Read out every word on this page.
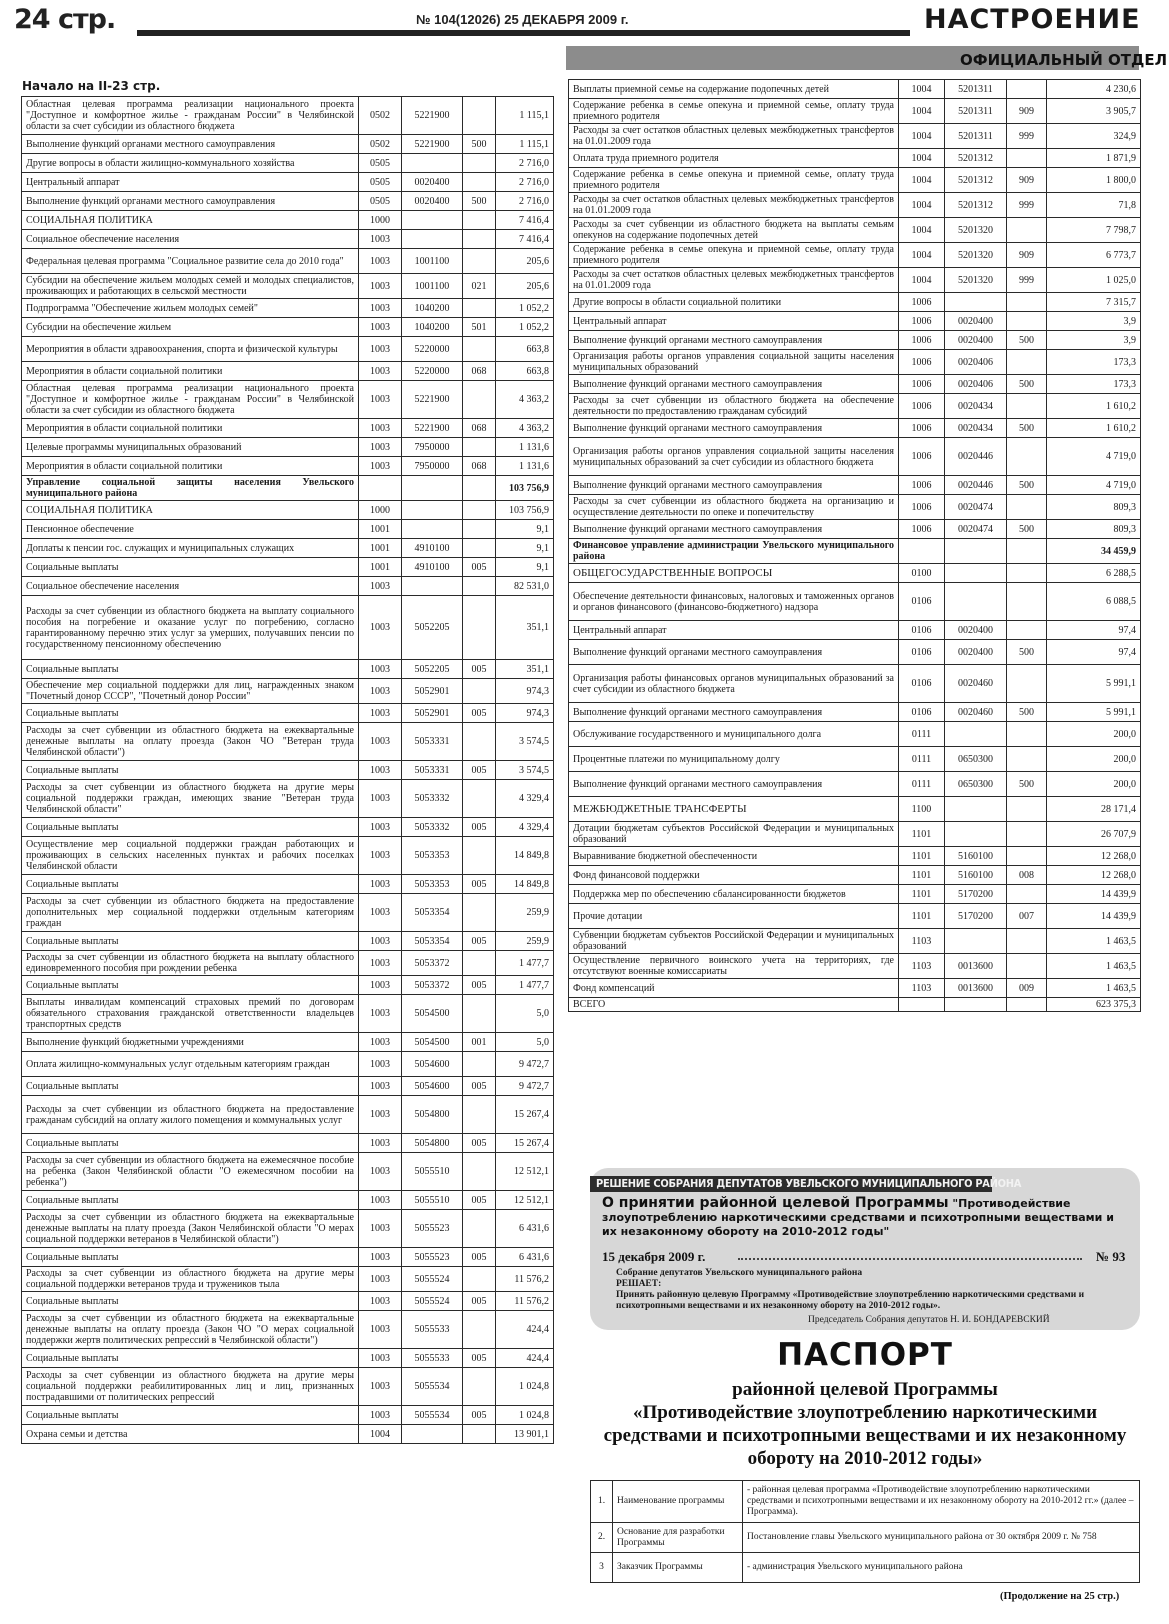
24 стр.	№ 104(12026) 25 ДЕКАБРЯ 2009 г.	НАСТРОЕНИЕ
ОФИЦИАЛЬНЫЙ ОТДЕЛ
Начало на II-23 стр.
Областная целевая программа реализации национального проекта "Доступное и комфортное жилье - гражданам России" в Челябинской области за счет субсидии из областного бюджета	0502	5221900		1 115,1
Выполнение функций органами местного самоуправления	0502	5221900	500	1 115,1
Другие вопросы в области жилищно-коммунального хозяйства	0505			2 716,0
Центральный аппарат	0505	0020400		2 716,0
Выполнение функций органами местного самоуправления	0505	0020400	500	2 716,0
СОЦИАЛЬНАЯ ПОЛИТИКА	1000			7 416,4
Социальное обеспечение населения	1003			7 416,4
Федеральная целевая программа "Социальное развитие села до 2010 года"	1003	1001100		205,6
Субсидии на обеспечение жильем молодых семей и молодых специалистов, проживающих и работающих в сельской местности	1003	1001100	021	205,6
Подпрограмма "Обеспечение жильем молодых семей"	1003	1040200		1 052,2
Субсидии на обеспечение жильем	1003	1040200	501	1 052,2
Мероприятия в области здравоохранения, спорта и физической культуры	1003	5220000		663,8
Мероприятия в области социальной политики	1003	5220000	068	663,8
Областная целевая программа реализации национального проекта "Доступное и комфортное жилье - гражданам России" в Челябинской области за счет субсидии из областного бюджета	1003	5221900		4 363,2
Мероприятия в области социальной политики	1003	5221900	068	4 363,2
Целевые программы муниципальных образований	1003	7950000		1 131,6
Мероприятия в области социальной политики	1003	7950000	068	1 131,6
Управление социальной защиты населения Увельского муниципального района				103 756,9
СОЦИАЛЬНАЯ ПОЛИТИКА	1000			103 756,9
Пенсионное обеспечение	1001			9,1
Доплаты к пенсии гос. служащих и муниципальных служащих	1001	4910100		9,1
Социальные выплаты	1001	4910100	005	9,1
Социальное обеспечение населения	1003			82 531,0
Расходы за счет субвенции из областного бюджета на выплату социального пособия на погребение и оказание услуг по погребению, согласно гарантированному перечню этих услуг за умерших, получавших пенсии по государственному пенсионному обеспечению	1003	5052205		351,1
Социальные выплаты	1003	5052205	005	351,1
Обеспечение мер социальной поддержки для лиц, награжденных знаком "Почетный донор СССР", "Почетный донор России"	1003	5052901		974,3
Социальные выплаты	1003	5052901	005	974,3
Расходы за счет субвенции из областного бюджета на ежеквартальные денежные выплаты на оплату проезда (Закон ЧО "Ветеран труда Челябинской области")	1003	5053331		3 574,5
Социальные выплаты	1003	5053331	005	3 574,5
Расходы за счет субвенции из областного бюджета на другие меры социальной поддержки граждан, имеющих звание "Ветеран труда Челябинской области"	1003	5053332		4 329,4
Социальные выплаты	1003	5053332	005	4 329,4
Осуществление мер социальной поддержки граждан работающих и проживающих в сельских населенных пунктах и рабочих поселках Челябинской области	1003	5053353		14 849,8
Социальные выплаты	1003	5053353	005	14 849,8
Расходы за счет субвенции из областного бюджета на предоставление дополнительных мер социальной поддержки отдельным категориям граждан	1003	5053354		259,9
Социальные выплаты	1003	5053354	005	259,9
Расходы за счет субвенции из областного бюджета на выплату областного единовременного пособия при рождении ребенка	1003	5053372		1 477,7
Социальные выплаты	1003	5053372	005	1 477,7
Выплаты инвалидам компенсаций страховых премий по договорам обязательного страхования гражданской ответственности владельцев транспортных средств	1003	5054500		5,0
Выполнение функций бюджетными учреждениями	1003	5054500	001	5,0
Оплата жилищно-коммунальных услуг отдельным категориям граждан	1003	5054600		9 472,7
Социальные выплаты	1003	5054600	005	9 472,7
Расходы за счет субвенции из областного бюджета на предоставление гражданам субсидий на оплату жилого помещения и коммунальных услуг	1003	5054800		15 267,4
Социальные выплаты	1003	5054800	005	15 267,4
Расходы за счет субвенции из областного бюджета на ежемесячное пособие на ребенка (Закон Челябинской области "О ежемесячном пособии на ребенка")	1003	5055510		12 512,1
Социальные выплаты	1003	5055510	005	12 512,1
Расходы за счет субвенции из областного бюджета на ежеквартальные денежные выплаты на плату проезда (Закон Челябинской области "О мерах социальной поддержки ветеранов в Челябинской области")	1003	5055523		6 431,6
Социальные выплаты	1003	5055523	005	6 431,6
Расходы за счет субвенции из областного бюджета на другие меры социальной поддержки ветеранов труда и тружеников тыла	1003	5055524		11 576,2
Социальные выплаты	1003	5055524	005	11 576,2
Расходы за счет субвенции из областного бюджета на ежеквартальные денежные выплаты на оплату проезда (Закон ЧО "О мерах социальной поддержки жертв политических репрессий в Челябинской области")	1003	5055533		424,4
Социальные выплаты	1003	5055533	005	424,4
Расходы за счет субвенции из областного бюджета на другие меры социальной поддержки реабилитированных лиц и лиц, признанных пострадавшими от политических репрессий	1003	5055534		1 024,8
Социальные выплаты	1003	5055534	005	1 024,8
Охрана семьи и детства	1004			13 901,1
Выплаты приемной семье на содержание подопечных детей	1004	5201311		4 230,6
Содержание ребенка в семье опекуна и приемной семье, оплату труда приемного родителя	1004	5201311	909	3 905,7
Расходы за счет остатков областных целевых межбюджетных трансфертов на 01.01.2009 года	1004	5201311	999	324,9
Оплата труда приемного родителя	1004	5201312		1 871,9
Содержание ребенка в семье опекуна и приемной семье, оплату труда приемного родителя	1004	5201312	909	1 800,0
Расходы за счет остатков областных целевых межбюджетных трансфертов на 01.01.2009 года	1004	5201312	999	71,8
Расходы за счет субвенции из областного бюджета на выплаты семьям опекунов на содержание подопечных детей	1004	5201320		7 798,7
Содержание ребенка в семье опекуна и приемной семье, оплату труда приемного родителя	1004	5201320	909	6 773,7
Расходы за счет остатков областных целевых межбюджетных трансфертов на 01.01.2009 года	1004	5201320	999	1 025,0
Другие вопросы в области социальной политики	1006			7 315,7
Центральный аппарат	1006	0020400		3,9
Выполнение функций органами местного самоуправления	1006	0020400	500	3,9
Организация работы органов управления социальной защиты населения муниципальных образований	1006	0020406		173,3
Выполнение функций органами местного самоуправления	1006	0020406	500	173,3
Расходы за счет субвенции из областного бюджета на обеспечение деятельности по предоставлению гражданам субсидий	1006	0020434		1 610,2
Выполнение функций органами местного самоуправления	1006	0020434	500	1 610,2
Организация работы органов управления социальной защиты населения муниципальных образований за счет субсидии из областного бюджета	1006	0020446		4 719,0
Выполнение функций органами местного самоуправления	1006	0020446	500	4 719,0
Расходы за счет субвенции из областного бюджета на организацию и осуществление деятельности по опеке и попечительству	1006	0020474		809,3
Выполнение функций органами местного самоуправления	1006	0020474	500	809,3
Финансовое управление администрации Увельского муниципального района				34 459,9
ОБЩЕГОСУДАРСТВЕННЫЕ ВОПРОСЫ	0100			6 288,5
Обеспечение деятельности финансовых, налоговых и таможенных органов и органов финансового (финансово-бюджетного) надзора	0106			6 088,5
Центральный аппарат	0106	0020400		97,4
Выполнение функций органами местного самоуправления	0106	0020400	500	97,4
Организация работы финансовых органов муниципальных образований за счет субсидии из областного бюджета	0106	0020460		5 991,1
Выполнение функций органами местного самоуправления	0106	0020460	500	5 991,1
Обслуживание государственного и муниципального долга	0111			200,0
Процентные платежи по муниципальному долгу	0111	0650300		200,0
Выполнение функций органами местного самоуправления	0111	0650300	500	200,0
МЕЖБЮДЖЕТНЫЕ ТРАНСФЕРТЫ	1100			28 171,4
Дотации бюджетам субъектов Российской Федерации и муниципальных образований	1101			26 707,9
Выравнивание бюджетной обеспеченности	1101	5160100		12 268,0
Фонд финансовой поддержки	1101	5160100	008	12 268,0
Поддержка мер по обеспечению сбалансированности бюджетов	1101	5170200		14 439,9
Прочие дотации	1101	5170200	007	14 439,9
Субвенции бюджетам субъектов Российской Федерации и муниципальных образований	1103			1 463,5
Осуществление первичного воинского учета на территориях, где отсутствуют военные комиссариаты	1103	0013600		1 463,5
Фонд компенсаций	1103	0013600	009	1 463,5
ВСЕГО				623 375,3
РЕШЕНИЕ СОБРАНИЯ ДЕПУТАТОВ УВЕЛЬСКОГО МУНИЦИПАЛЬНОГО РАЙОНА
О принятии районной целевой Программы "Противодействие злоупотреблению наркотическими средствами и психотропными веществами и их незаконному обороту на 2010-2012 годы"
15 декабря 2009 г.	№ 93

Собрание депутатов Увельского муниципального района

РЕШАЕТ:

Принять районную целевую Программу «Противодействие злоупотреблению наркотическими средствами и психотропными веществами и их незаконному обороту на 2010-2012 годы».

Председатель Собрания депутатов Н. И. БОНДАРЕВСКИЙ
ПАСПОРТ
районной целевой Программы
«Противодействие злоупотреблению наркотическими средствами и психотропными веществами и их незаконному обороту на 2010-2012 годы»
1.	Наименование программы	- районная целевая программа «Противодействие злоупотреблению наркотическими средствами и психотропными веществами и их незаконному обороту на 2010-2012 гг.» (далее – Программа).
2.	Основание для разработки Программы	Постановление главы Увельского муниципального района от 30 октября 2009 г. № 758
3	Заказчик Программы	- администрация Увельского муниципального района
(Продолжение на 25 стр.)
